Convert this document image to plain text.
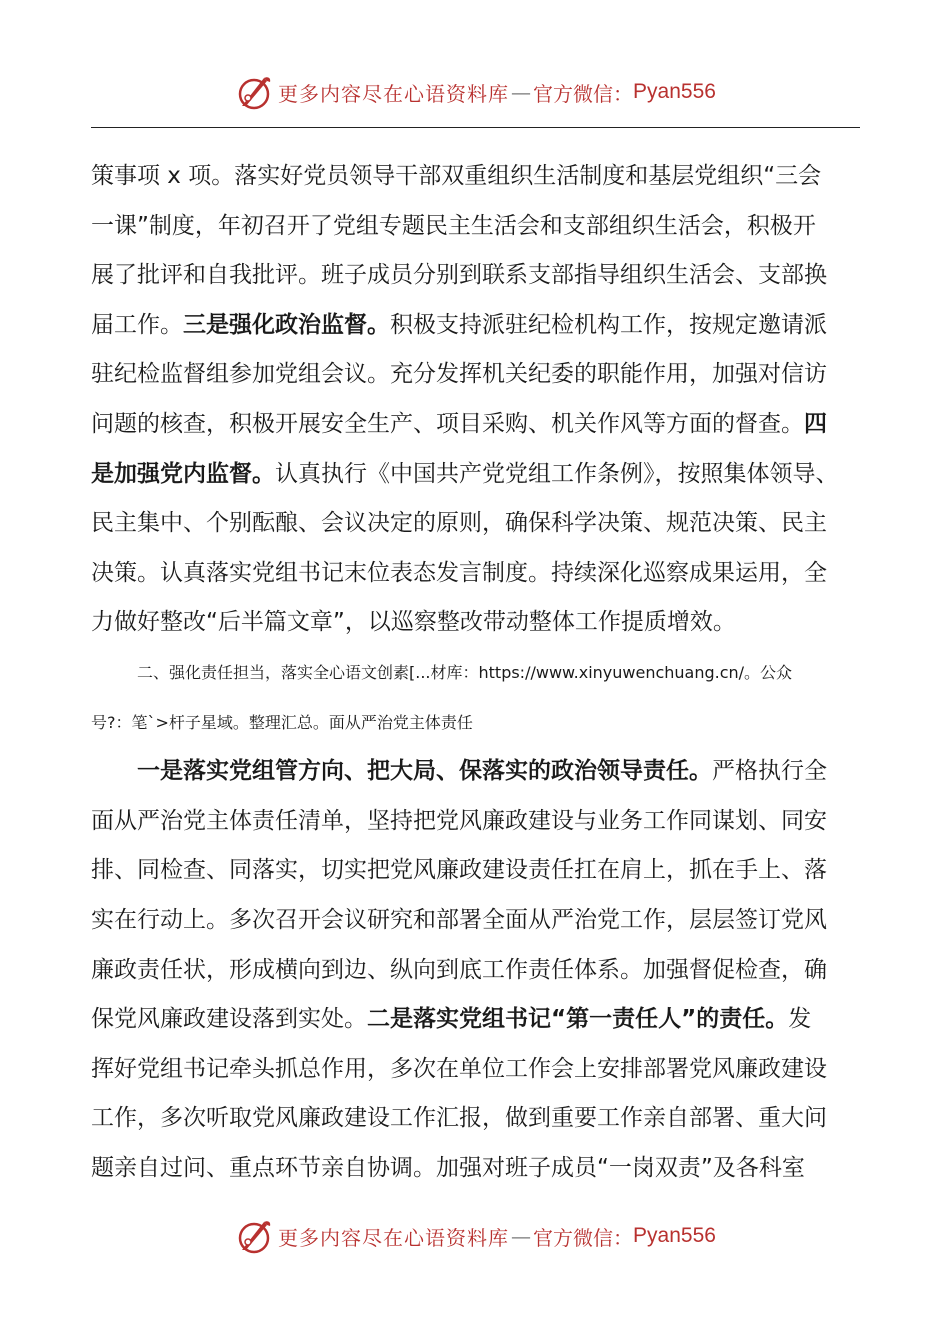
更多内容尽在心语资料库 — 官方微信： Pyan556
策事项 x 项。落实好党员领导干部双重组织生活制度和基层党组织“三会
一课”制度，年初召开了党组专题民主生活会和支部组织生活会，积极开
展了批评和自我批评。班子成员分别到联系支部指导组织生活会、支部换
届工作。三是强化政治监督。积极支持派驻纪检机构工作，按规定邀请派
驻纪检监督组参加党组会议。充分发挥机关纪委的职能作用，加强对信访
问题的核查，积极开展安全生产、项目采购、机关作风等方面的督查。四
是加强党内监督。认真执行《中国共产党党组工作条例》，按照集体领导、
民主集中、个别酝酿、会议决定的原则，确保科学决策、规范决策、民主
决策。认真落实党组书记末位表态发言制度。持续深化巡察成果运用，全
力做好整改“后半篇文章”，以巡察整改带动整体工作提质增效。
二、强化责任担当，落实全心语文创素[...材库：https://www.xinyuwenchuang.cn/。公众
号?：笔`>杆子星域。整理汇总。面从严治党主体责任
一是落实党组管方向、把大局、保落实的政治领导责任。严格执行全
面从严治党主体责任清单，坚持把党风廉政建设与业务工作同谋划、同安
排、同检查、同落实，切实把党风廉政建设责任扛在肩上，抓在手上、落
实在行动上。多次召开会议研究和部署全面从严治党工作，层层签订党风
廉政责任状，形成横向到边、纵向到底工作责任体系。加强督促检查，确
保党风廉政建设落到实处。二是落实党组书记“第一责任人”的责任。发
挥好党组书记牵头抓总作用，多次在单位工作会上安排部署党风廉政建设
工作，多次听取党风廉政建设工作汇报，做到重要工作亲自部署、重大问
题亲自过问、重点环节亲自协调。加强对班子成员“一岗双责”及各科室
更多内容尽在心语资料库 — 官方微信： Pyan556
